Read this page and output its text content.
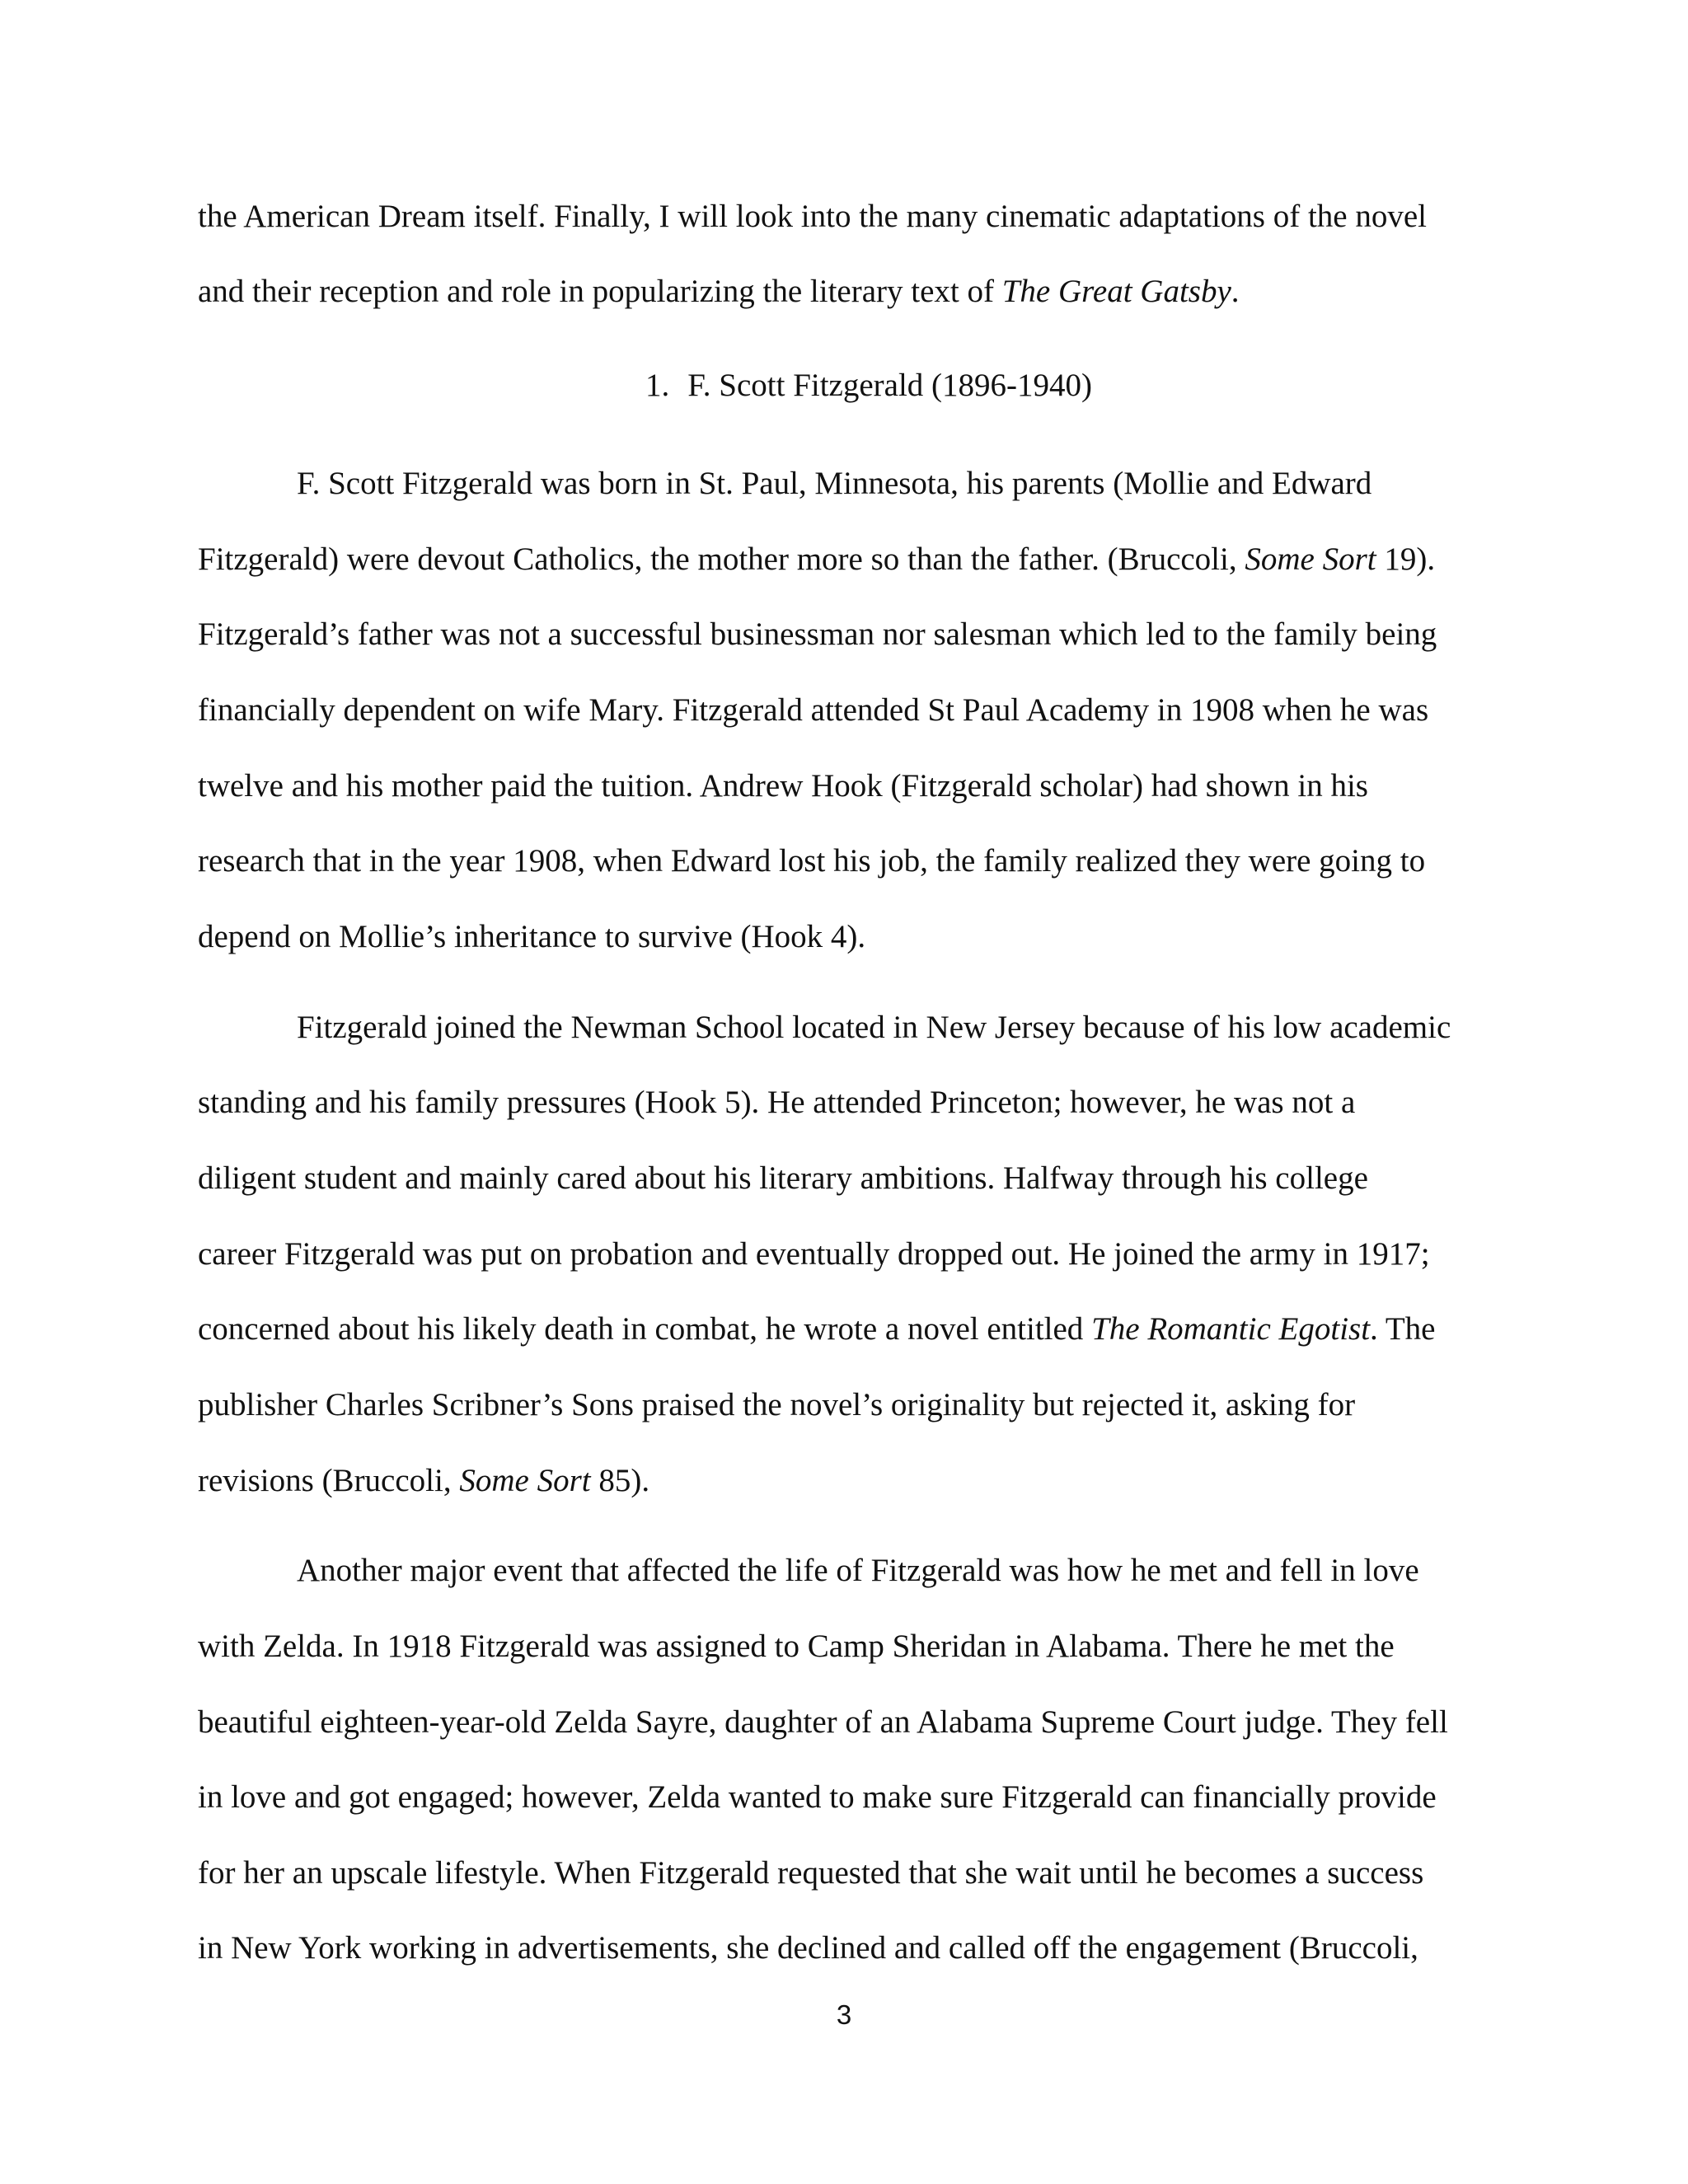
the American Dream itself. Finally, I will look into the many cinematic adaptations of the novel
and their reception and role in popularizing the literary text of The Great Gatsby.
1. F. Scott Fitzgerald (1896-1940)
F. Scott Fitzgerald was born in St. Paul, Minnesota, his parents (Mollie and Edward
Fitzgerald) were devout Catholics, the mother more so than the father. (Bruccoli, Some Sort 19).
Fitzgerald’s father was not a successful businessman nor salesman which led to the family being
financially dependent on wife Mary. Fitzgerald attended St Paul Academy in 1908 when he was
twelve and his mother paid the tuition. Andrew Hook (Fitzgerald scholar) had shown in his
research that in the year 1908, when Edward lost his job, the family realized they were going to
depend on Mollie’s inheritance to survive (Hook 4).
Fitzgerald joined the Newman School located in New Jersey because of his low academic
standing and his family pressures (Hook 5). He attended Princeton; however, he was not a
diligent student and mainly cared about his literary ambitions. Halfway through his college
career Fitzgerald was put on probation and eventually dropped out. He joined the army in 1917;
concerned about his likely death in combat, he wrote a novel entitled The Romantic Egotist. The
publisher Charles Scribner’s Sons praised the novel’s originality but rejected it, asking for
revisions (Bruccoli, Some Sort 85).
Another major event that affected the life of Fitzgerald was how he met and fell in love
with Zelda. In 1918 Fitzgerald was assigned to Camp Sheridan in Alabama. There he met the
beautiful eighteen-year-old Zelda Sayre, daughter of an Alabama Supreme Court judge. They fell
in love and got engaged; however, Zelda wanted to make sure Fitzgerald can financially provide
for her an upscale lifestyle. When Fitzgerald requested that she wait until he becomes a success
in New York working in advertisements, she declined and called off the engagement (Bruccoli,
3
